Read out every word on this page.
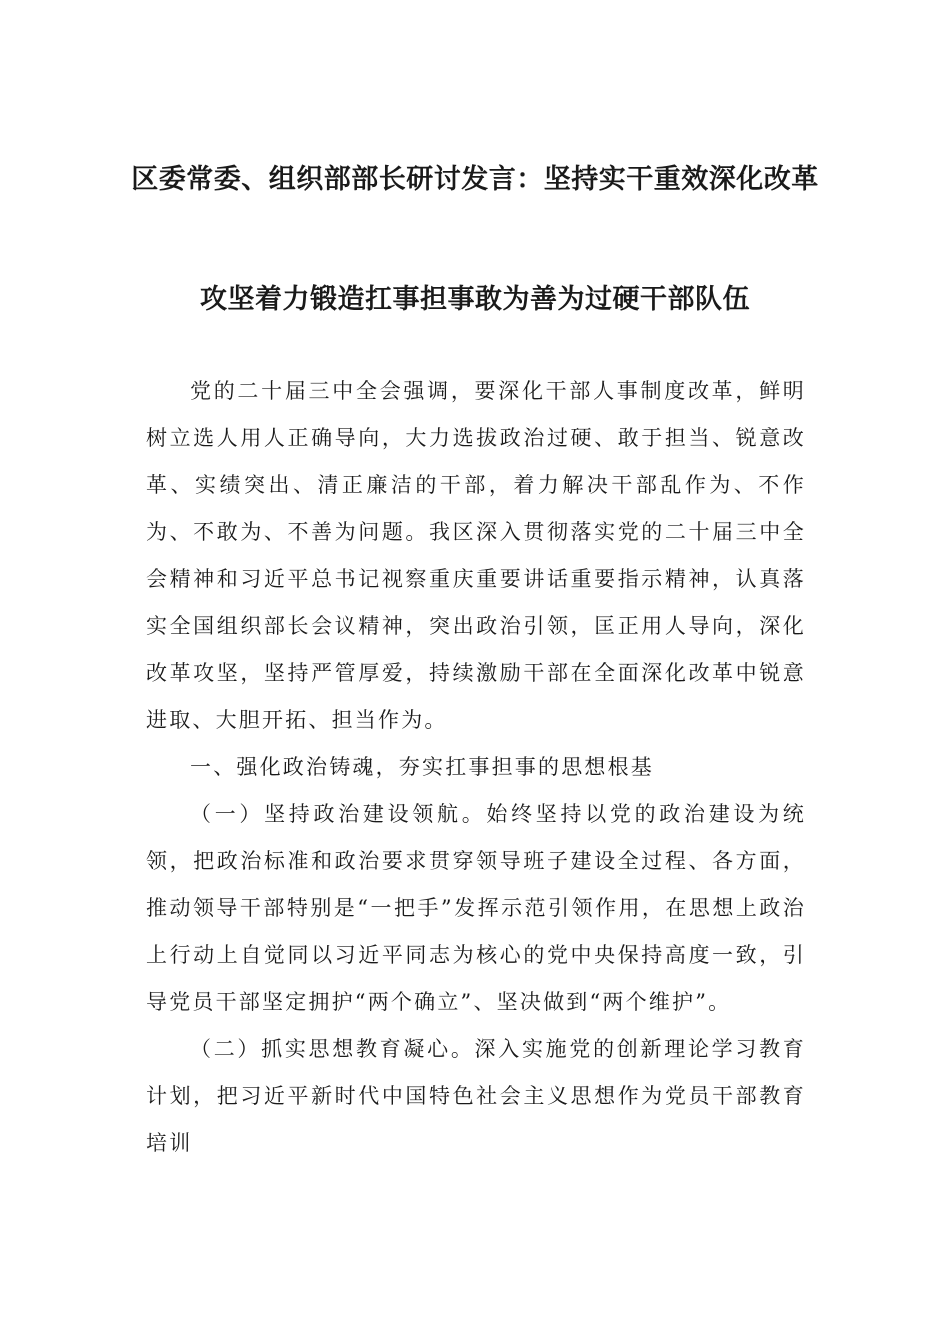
区委常委、组织部部长研讨发言：坚持实干重效深化改革
攻坚着力锻造扛事担事敢为善为过硬干部队伍

党的二十届三中全会强调，要深化干部人事制度改革，鲜明树立选人用人正确导向，大力选拔政治过硬、敢于担当、锐意改革、实绩突出、清正廉洁的干部，着力解决干部乱作为、不作为、不敢为、不善为问题。我区深入贯彻落实党的二十届三中全会精神和习近平总书记视察重庆重要讲话重要指示精神，认真落实全国组织部长会议精神，突出政治引领，匡正用人导向，深化改革攻坚，坚持严管厚爱，持续激励干部在全面深化改革中锐意进取、大胆开拓、担当作为。

一、强化政治铸魂，夯实扛事担事的思想根基

（一）坚持政治建设领航。始终坚持以党的政治建设为统领，把政治标准和政治要求贯穿领导班子建设全过程、各方面，推动领导干部特别是“一把手”发挥示范引领作用，在思想上政治上行动上自觉同以习近平同志为核心的党中央保持高度一致，引导党员干部坚定拥护“两个确立”、坚决做到“两个维护”。

（二）抓实思想教育凝心。深入实施党的创新理论学习教育计划，把习近平新时代中国特色社会主义思想作为党员干部教育培训
